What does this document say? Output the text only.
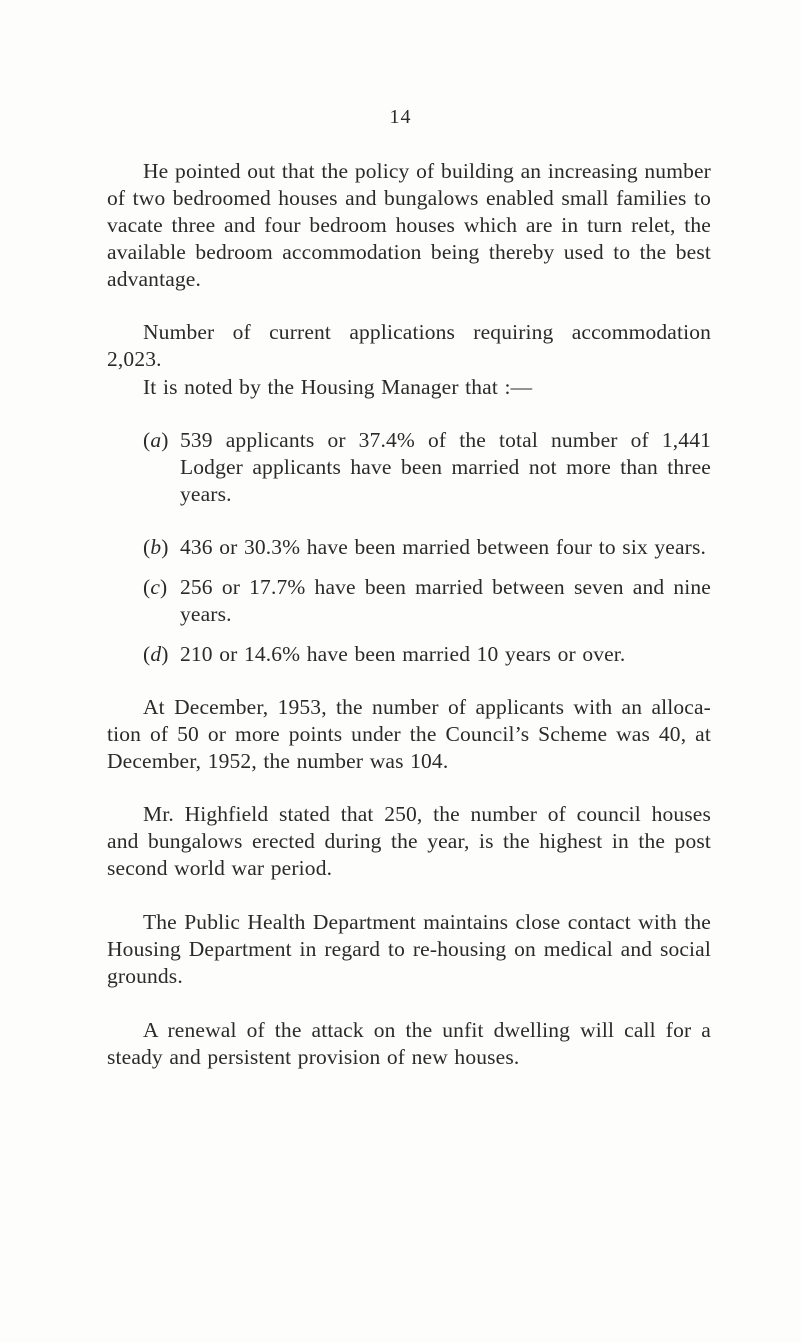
14
He pointed out that the policy of building an increasing number of two bedroomed houses and bungalows enabled small families to vacate three and four bedroom houses which are in turn relet, the available bedroom accommodation being thereby used to the best advantage.
Number of current applications requiring accommodation 2,023.
It is noted by the Housing Manager that :—
(a) 539 applicants or 37.4% of the total number of 1,441 Lodger applicants have been married not more than three years.
(b) 436 or 30.3% have been married between four to six years.
(c) 256 or 17.7% have been married between seven and nine years.
(d) 210 or 14.6% have been married 10 years or over.
At December, 1953, the number of applicants with an alloca-tion of 50 or more points under the Council’s Scheme was 40, at December, 1952, the number was 104.
Mr. Highfield stated that 250, the number of council houses and bungalows erected during the year, is the highest in the post second world war period.
The Public Health Department maintains close contact with the Housing Department in regard to re-housing on medical and social grounds.
A renewal of the attack on the unfit dwelling will call for a steady and persistent provision of new houses.
